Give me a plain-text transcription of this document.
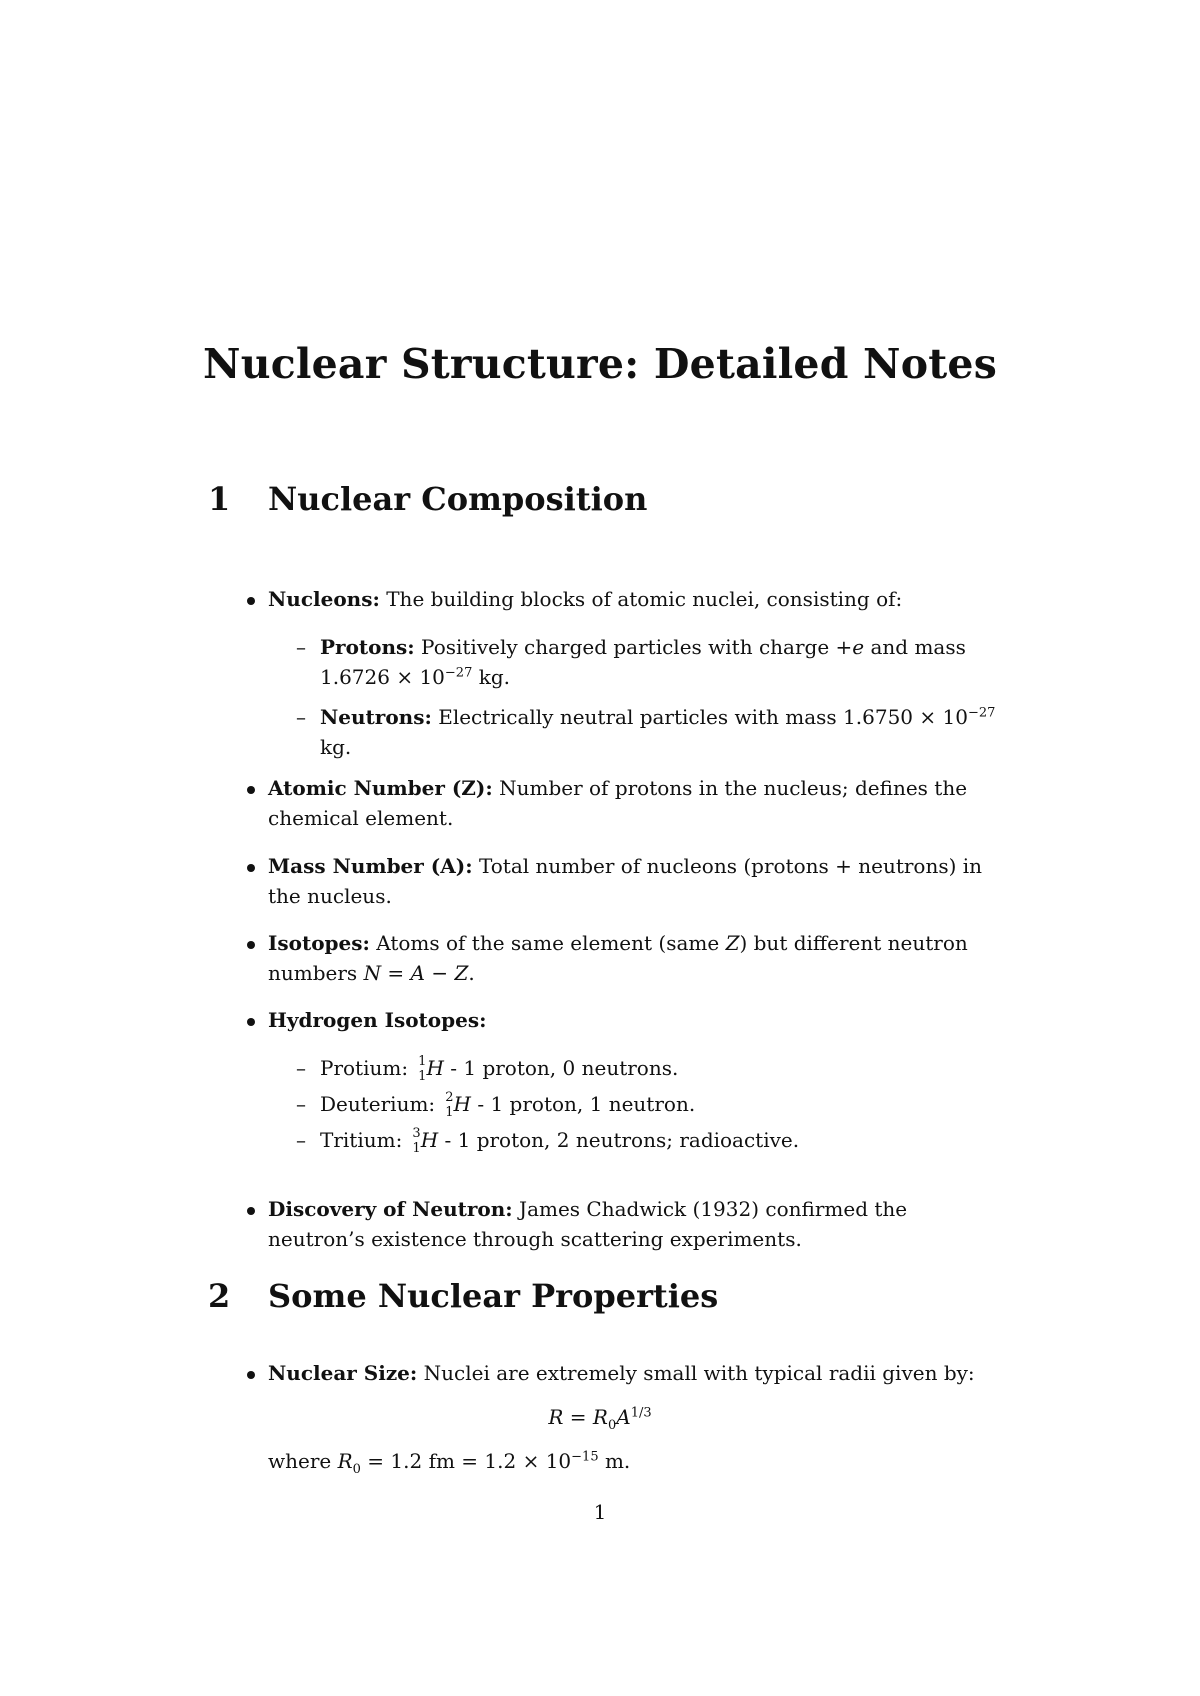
Nuclear Structure: Detailed Notes
1 Nuclear Composition
Nucleons: The building blocks of atomic nuclei, consisting of:
– Protons: Positively charged particles with charge +e and mass $1.6726 \times 10^{-27}$ kg.
– Neutrons: Electrically neutral particles with mass $1.6750 \times 10^{-27}$ kg.
Atomic Number (Z): Number of protons in the nucleus; defines the chemical element.
Mass Number (A): Total number of nucleons (protons + neutrons) in the nucleus.
Isotopes: Atoms of the same element (same Z) but different neutron numbers N = A − Z.
Hydrogen Isotopes:
– Protium: 1
1 H - 1 proton, 0 neutrons.
– Deuterium: 2
1 H - 1 proton, 1 neutron.
– Tritium: 3
1 H - 1 proton, 2 neutrons; radioactive.
Discovery of Neutron: James Chadwick (1932) confirmed the neutron’s existence through scattering experiments.
2 Some Nuclear Properties
Nuclear Size: Nuclei are extremely small with typical radii given by:
$R = R_0A^{1/3}$
where $R_0 = 1.2$ fm = $1.2 \times 10^{-15}$ m.
1
